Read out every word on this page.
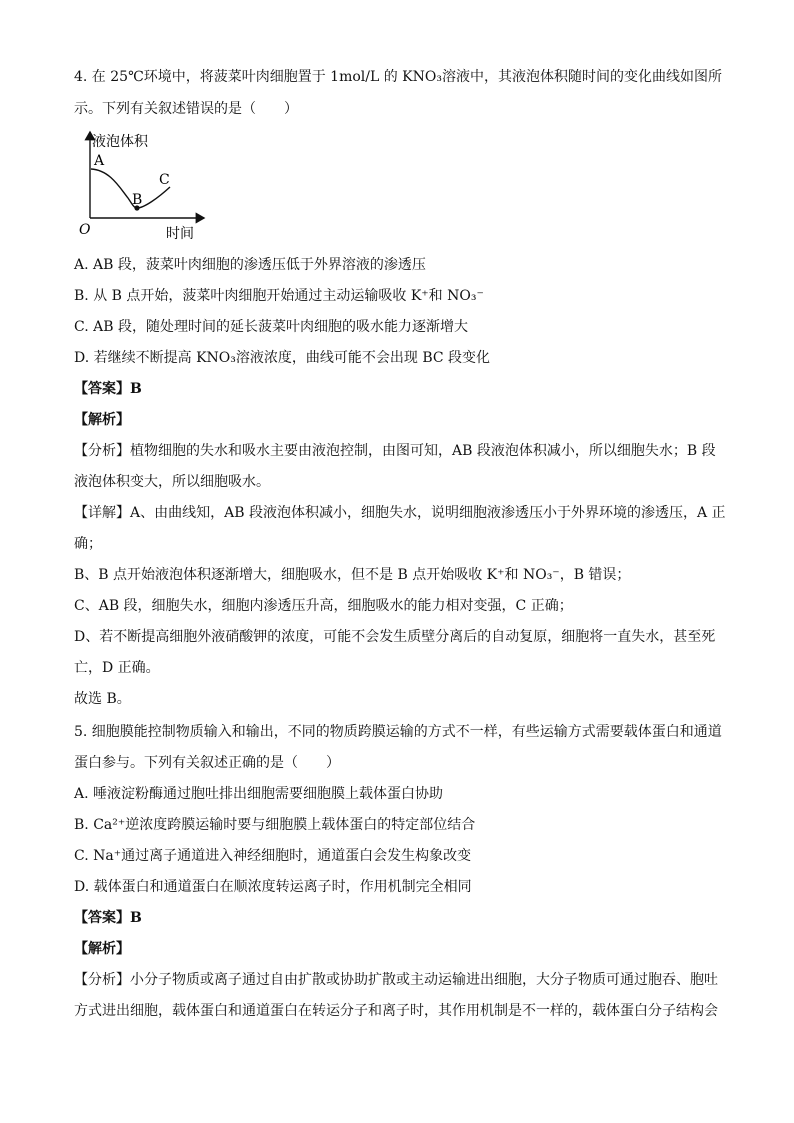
4. 在 25℃环境中，将菠菜叶肉细胞置于 1mol/L 的 KNO₃溶液中，其液泡体积随时间的变化曲线如图所
示。下列有关叙述错误的是（　　）
液泡体积
A
B
C
O	时间
A. AB 段，菠菜叶肉细胞的渗透压低于外界溶液的渗透压
B. 从 B 点开始，菠菜叶肉细胞开始通过主动运输吸收 K⁺和 NO₃⁻
C. AB 段，随处理时间的延长菠菜叶肉细胞的吸水能力逐渐增大
D. 若继续不断提高 KNO₃溶液浓度，曲线可能不会出现 BC 段变化
【答案】B
【解析】
【分析】植物细胞的失水和吸水主要由液泡控制，由图可知，AB 段液泡体积减小，所以细胞失水；B 段
液泡体积变大，所以细胞吸水。
【详解】A、由曲线知，AB 段液泡体积减小，细胞失水，说明细胞液渗透压小于外界环境的渗透压，A 正
确；
B、B 点开始液泡体积逐渐增大，细胞吸水，但不是 B 点开始吸收 K⁺和 NO₃⁻，B 错误；
C、AB 段，细胞失水，细胞内渗透压升高，细胞吸水的能力相对变强，C 正确；
D、若不断提高细胞外液硝酸钾的浓度，可能不会发生质壁分离后的自动复原，细胞将一直失水，甚至死
亡，D 正确。
故选 B。
5. 细胞膜能控制物质输入和输出，不同的物质跨膜运输的方式不一样，有些运输方式需要载体蛋白和通道
蛋白参与。下列有关叙述正确的是（　　）
A. 唾液淀粉酶通过胞吐排出细胞需要细胞膜上载体蛋白协助
B. Ca²⁺逆浓度跨膜运输时要与细胞膜上载体蛋白的特定部位结合
C. Na⁺通过离子通道进入神经细胞时，通道蛋白会发生构象改变
D. 载体蛋白和通道蛋白在顺浓度转运离子时，作用机制完全相同
【答案】B
【解析】
【分析】小分子物质或离子通过自由扩散或协助扩散或主动运输进出细胞，大分子物质可通过胞吞、胞吐
方式进出细胞，载体蛋白和通道蛋白在转运分子和离子时，其作用机制是不一样的，载体蛋白分子结构会
